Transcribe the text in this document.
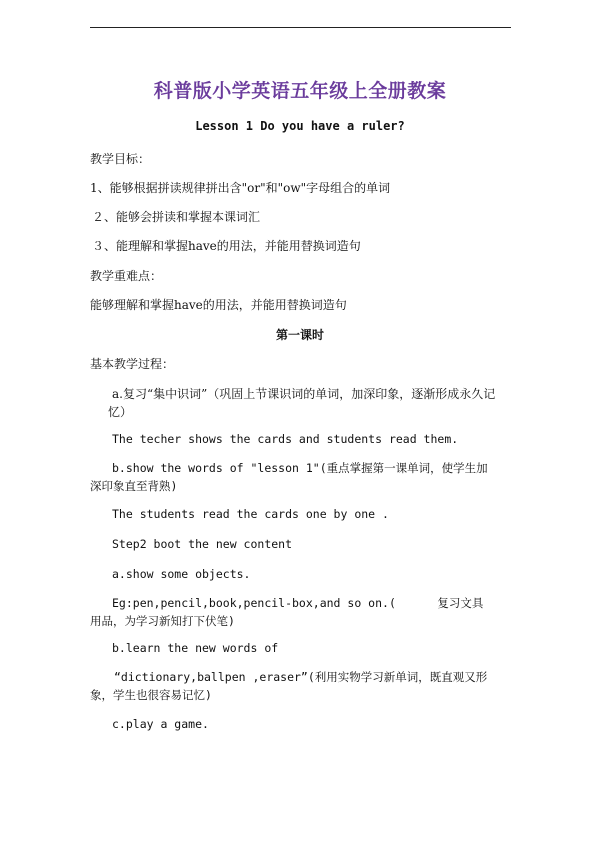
科普版小学英语五年级上全册教案
Lesson 1 Do you have a ruler?
教学目标：
1、能够根据拼读规律拼出含"or"和"ow"字母组合的单词
２、能够会拼读和掌握本课词汇
３、能理解和掌握have的用法，并能用替换词造句
教学重难点：
能够理解和掌握have的用法，并能用替换词造句
第一课时
基本教学过程：
a.复习“集中识词”（巩固上节课识词的单词，加深印象，逐渐形成永久记忆）
The techer shows the cards and students read them.
b.show the words of "lesson 1"(重点掌握第一课单词，使学生加深印象直至背熟)
The students read the cards one by one .
Step2 boot the new content
a.show some objects.
Eg:pen,pencil,book,pencil-box,and so on.(      复习文具用品，为学习新知打下伏笔)
b.learn the new words of
“dictionary,ballpen ,eraser”(利用实物学习新单词，既直观又形象，学生也很容易记忆)
c.play a game.
